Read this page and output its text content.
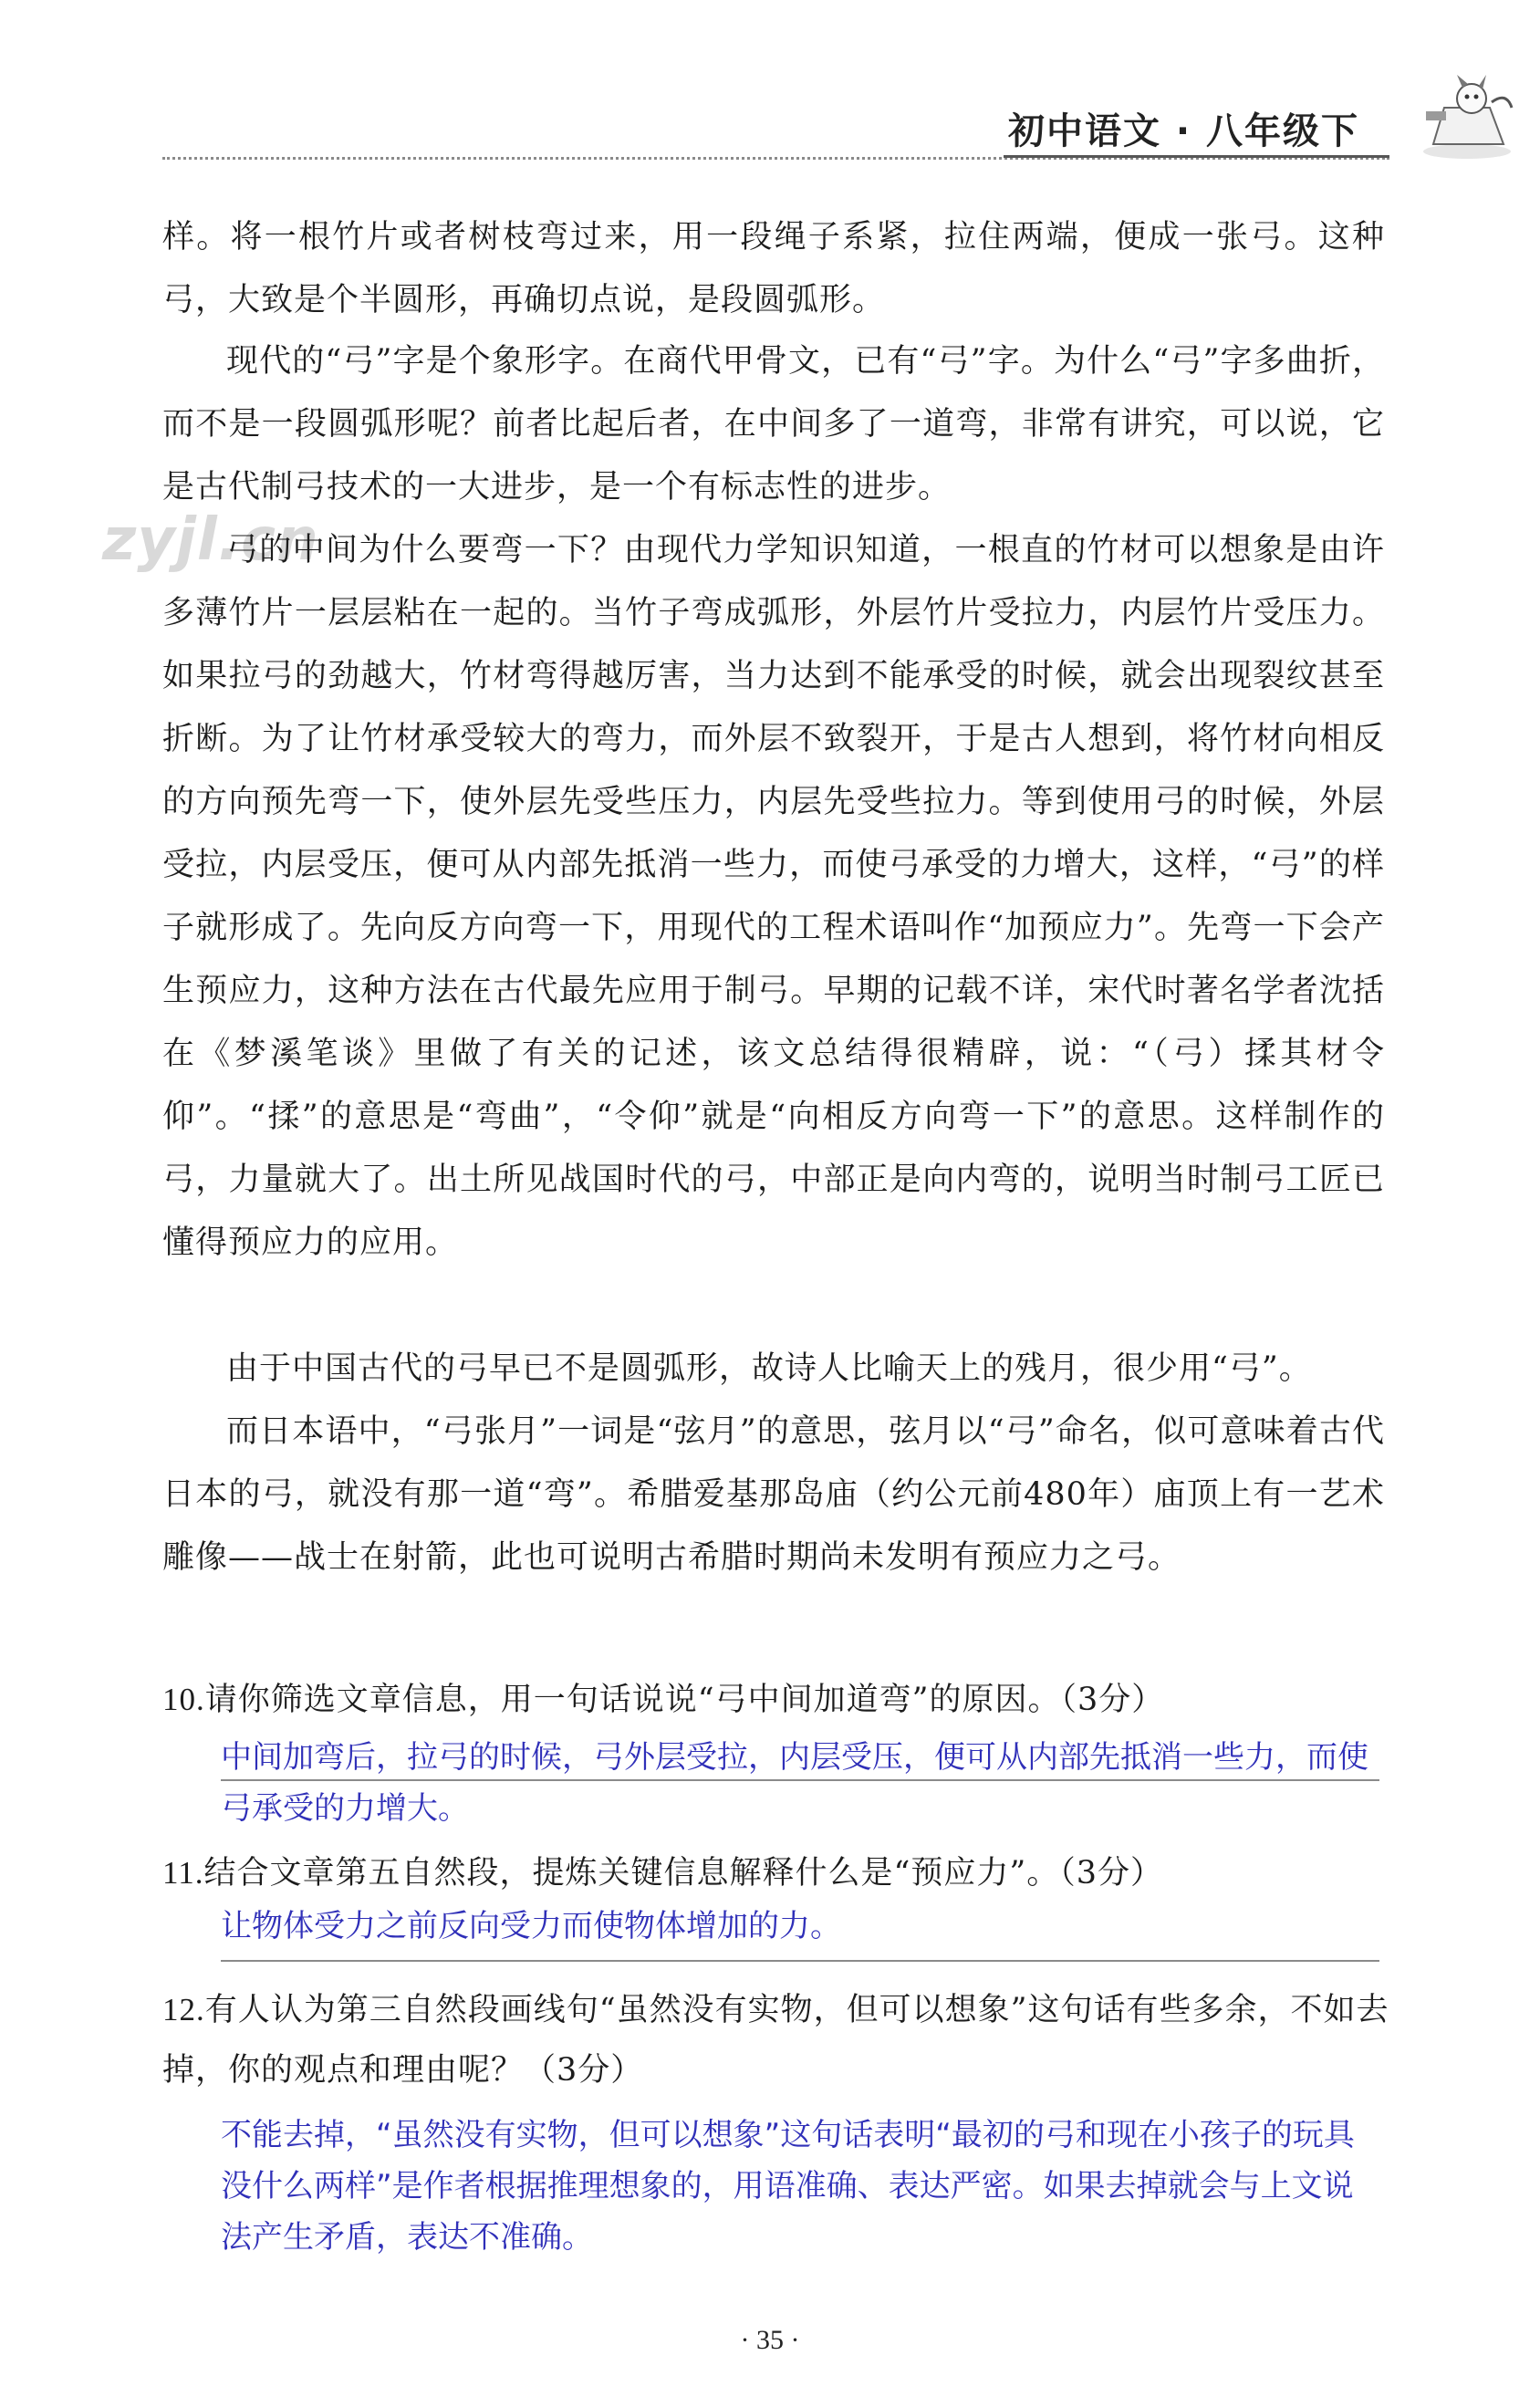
初中语文 · 八年级下
zyjl.cn
样。将一根竹片或者树枝弯过来，用一段绳子系紧，拉住两端，便成一张弓。这种弓，大致是个半圆形，再确切点说，是段圆弧形。
现代的“弓”字是个象形字。在商代甲骨文，已有“弓”字。为什么“弓”字多曲折，而不是一段圆弧形呢？前者比起后者，在中间多了一道弯，非常有讲究，可以说，它是古代制弓技术的一大进步，是一个有标志性的进步。
弓的中间为什么要弯一下？由现代力学知识知道，一根直的竹材可以想象是由许多薄竹片一层层粘在一起的。当竹子弯成弧形，外层竹片受拉力，内层竹片受压力。如果拉弓的劲越大，竹材弯得越厉害，当力达到不能承受的时候，就会出现裂纹甚至折断。为了让竹材承受较大的弯力，而外层不致裂开，于是古人想到，将竹材向相反的方向预先弯一下，使外层先受些压力，内层先受些拉力。等到使用弓的时候，外层受拉，内层受压，便可从内部先抵消一些力，而使弓承受的力增大，这样，“弓”的样子就形成了。先向反方向弯一下，用现代的工程术语叫作“加预应力”。先弯一下会产生预应力，这种方法在古代最先应用于制弓。早期的记载不详，宋代时著名学者沈括在《梦溪笔谈》里做了有关的记述，该文总结得很精辟，说：“（弓）揉其材令仰”。“揉”的意思是“弯曲”，“令仰”就是“向相反方向弯一下”的意思。这样制作的弓，力量就大了。出土所见战国时代的弓，中部正是向内弯的，说明当时制弓工匠已懂得预应力的应用。
由于中国古代的弓早已不是圆弧形，故诗人比喻天上的残月，很少用“弓”。
而日本语中，“弓张月”一词是“弦月”的意思，弦月以“弓”命名，似可意味着古代日本的弓，就没有那一道“弯”。希腊爱基那岛庙（约公元前480年）庙顶上有一艺术雕像——战士在射箭，此也可说明古希腊时期尚未发明有预应力之弓。
10.请你筛选文章信息，用一句话说说“弓中间加道弯”的原因。（3分）
中间加弯后，拉弓的时候，弓外层受拉，内层受压，便可从内部先抵消一些力，而使弓承受的力增大。
11.结合文章第五自然段，提炼关键信息解释什么是“预应力”。（3分）
让物体受力之前反向受力而使物体增加的力。
12.有人认为第三自然段画线句“虽然没有实物，但可以想象”这句话有些多余，不如去掉，你的观点和理由呢？（3分）
不能去掉，“虽然没有实物，但可以想象”这句话表明“最初的弓和现在小孩子的玩具没什么两样”是作者根据推理想象的，用语准确、表达严密。如果去掉就会与上文说法产生矛盾，表达不准确。
· 35 ·
